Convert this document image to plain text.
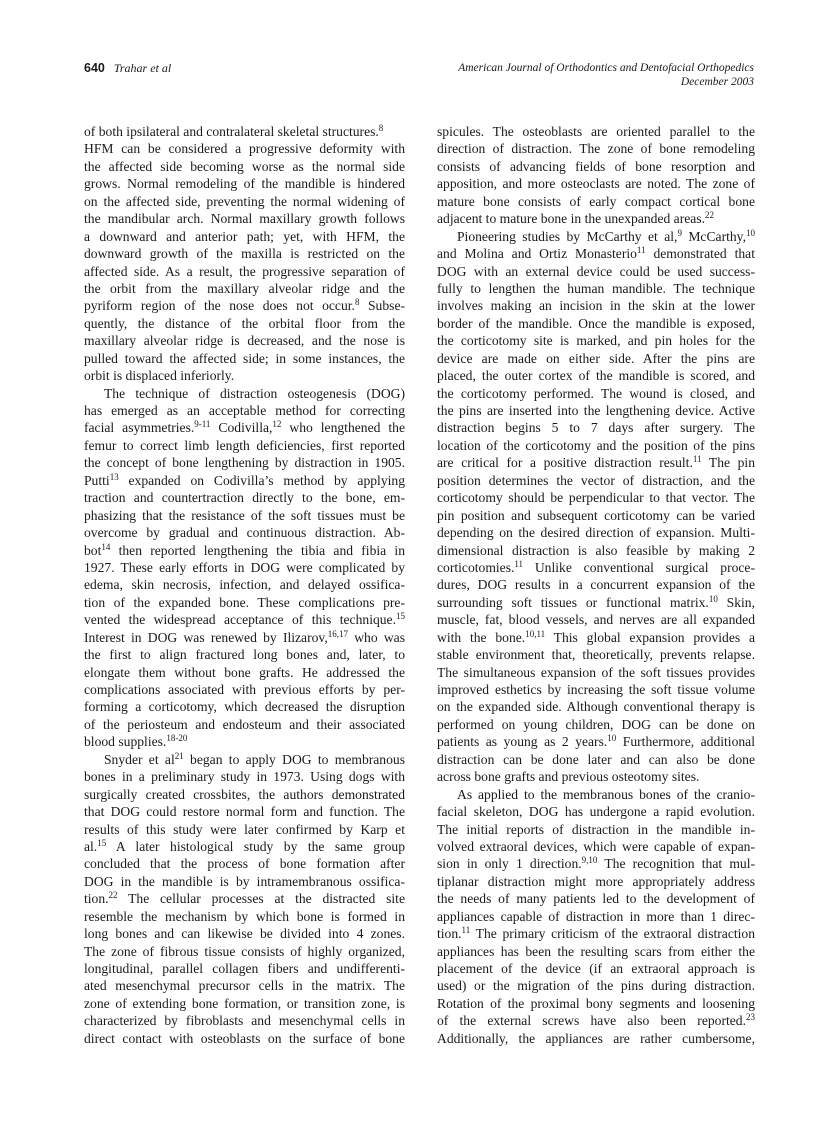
640 Trahar et al	American Journal of Orthodontics and Dentofacial Orthopedics
December 2003
of both ipsilateral and contralateral skeletal structures.$^8$
HFM can be considered a progressive deformity with
the affected side becoming worse as the normal side
grows. Normal remodeling of the mandible is hindered
on the affected side, preventing the normal widening of
the mandibular arch. Normal maxillary growth follows
a downward and anterior path; yet, with HFM, the
downward growth of the maxilla is restricted on the
affected side. As a result, the progressive separation of
the orbit from the maxillary alveolar ridge and the
pyriform region of the nose does not occur.$^8$ Subse-
quently, the distance of the orbital floor from the
maxillary alveolar ridge is decreased, and the nose is
pulled toward the affected side; in some instances, the
orbit is displaced inferiorly.
The technique of distraction osteogenesis (DOG)
has emerged as an acceptable method for correcting
facial asymmetries.$^{9-11}$ Codivilla,$^{12}$ who lengthened the
femur to correct limb length deficiencies, first reported
the concept of bone lengthening by distraction in 1905.
Putti$^{13}$ expanded on Codivilla’s method by applying
traction and countertraction directly to the bone, em-
phasizing that the resistance of the soft tissues must be
overcome by gradual and continuous distraction. Ab-
bot$^{14}$ then reported lengthening the tibia and fibia in
1927. These early efforts in DOG were complicated by
edema, skin necrosis, infection, and delayed ossifica-
tion of the expanded bone. These complications pre-
vented the widespread acceptance of this technique.$^{15}$
Interest in DOG was renewed by Ilizarov,$^{16,17}$ who was
the first to align fractured long bones and, later, to
elongate them without bone grafts. He addressed the
complications associated with previous efforts by per-
forming a corticotomy, which decreased the disruption
of the periosteum and endosteum and their associated
blood supplies.$^{18-20}$
Snyder et $al^{21}$ began to apply DOG to membranous
bones in a preliminary study in 1973. Using dogs with
surgically created crossbites, the authors demonstrated
that DOG could restore normal form and function. The
results of this study were later confirmed by Karp et
al.$^{15}$ A later histological study by the same group
concluded that the process of bone formation after
DOG in the mandible is by intramembranous ossifica-
tion.$^{22}$ The cellular processes at the distracted site
resemble the mechanism by which bone is formed in
long bones and can likewise be divided into 4 zones.
The zone of fibrous tissue consists of highly organized,
longitudinal, parallel collagen fibers and undifferenti-
ated mesenchymal precursor cells in the matrix. The
zone of extending bone formation, or transition zone, is
characterized by fibroblasts and mesenchymal cells in
direct contact with osteoblasts on the surface of bone
spicules. The osteoblasts are oriented parallel to the
direction of distraction. The zone of bone remodeling
consists of advancing fields of bone resorption and
apposition, and more osteoclasts are noted. The zone of
mature bone consists of early compact cortical bone
adjacent to mature bone in the unexpanded areas.$^{22}$
Pioneering studies by McCarthy et al,$^9$ McCarthy,$^{10}$
and Molina and Ortiz Monasterio$^{11}$ demonstrated that
DOG with an external device could be used success-
fully to lengthen the human mandible. The technique
involves making an incision in the skin at the lower
border of the mandible. Once the mandible is exposed,
the corticotomy site is marked, and pin holes for the
device are made on either side. After the pins are
placed, the outer cortex of the mandible is scored, and
the corticotomy performed. The wound is closed, and
the pins are inserted into the lengthening device. Active
distraction begins 5 to 7 days after surgery. The
location of the corticotomy and the position of the pins
are critical for a positive distraction result.$^{11}$ The pin
position determines the vector of distraction, and the
corticotomy should be perpendicular to that vector. The
pin position and subsequent corticotomy can be varied
depending on the desired direction of expansion. Multi-
dimensional distraction is also feasible by making 2
corticotomies.$^{11}$ Unlike conventional surgical proce-
dures, DOG results in a concurrent expansion of the
surrounding soft tissues or functional matrix.$^{10}$ Skin,
muscle, fat, blood vessels, and nerves are all expanded
with the bone.$^{10,11}$ This global expansion provides a
stable environment that, theoretically, prevents relapse.
The simultaneous expansion of the soft tissues provides
improved esthetics by increasing the soft tissue volume
on the expanded side. Although conventional therapy is
performed on young children, DOG can be done on
patients as young as 2 years.$^{10}$ Furthermore, additional
distraction can be done later and can also be done
across bone grafts and previous osteotomy sites.
As applied to the membranous bones of the cranio-
facial skeleton, DOG has undergone a rapid evolution.
The initial reports of distraction in the mandible in-
volved extraoral devices, which were capable of expan-
sion in only 1 direction.$^{9,10}$ The recognition that mul-
tiplanar distraction might more appropriately address
the needs of many patients led to the development of
appliances capable of distraction in more than 1 direc-
tion.$^{11}$ The primary criticism of the extraoral distraction
appliances has been the resulting scars from either the
placement of the device (if an extraoral approach is
used) or the migration of the pins during distraction.
Rotation of the proximal bony segments and loosening
of the external screws have also been reported.$^{23}$
Additionally, the appliances are rather cumbersome,
